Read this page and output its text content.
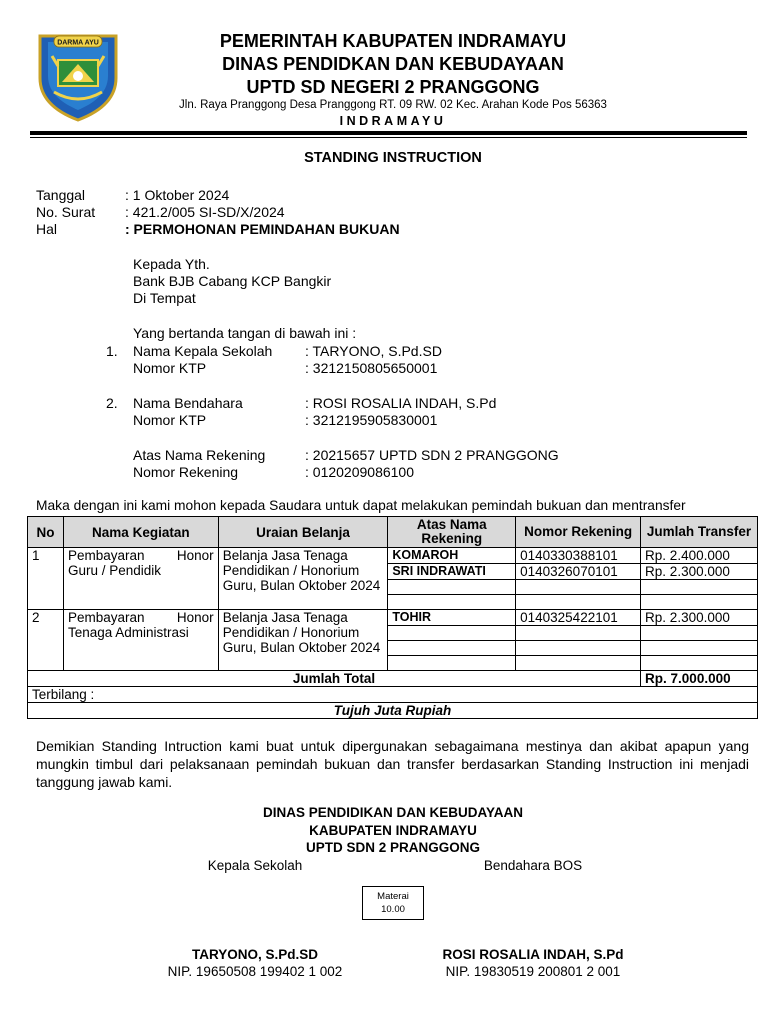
DARMA AYU	PEMERINTAH KABUPATEN INDRAMAYU
DINAS PENDIDKAN DAN KEBUDAYAAN
UPTD SD NEGERI 2 PRANGGONG
Jln. Raya Pranggong Desa Pranggong RT. 09 RW. 02 Kec. Arahan Kode Pos 56363
INDRAMAYU
STANDING INSTRUCTION
Tanggal	: 1 Oktober 2024
No. Surat : 421.2/005 SI-SD/X/2024
Hal	: PERMOHONAN PEMINDAHAN BUKUAN
Kepada Yth.
Bank BJB Cabang KCP Bangkir
Di Tempat
Yang bertanda tangan di bawah ini :
1. Nama Kepala Sekolah : TARYONO, S.Pd.SD
Nomor KTP	: 3212150805650001
2. Nama Bendahara	: ROSI ROSALIA INDAH, S.Pd
Nomor KTP	: 3212195905830001
Atas Nama Rekening	: 20215657 UPTD SDN 2 PRANGGONG
Nomor Rekening	: 0120209086100
Maka dengan ini kami mohon kepada Saudara untuk dapat melakukan pemindah bukuan dan mentransfer
No	Nama Kegiatan	Uraian Belanja	Atas Nama Rekening	Nomor Rekening	Jumlah Transfer
1	Pembayaran Honor Guru / Pendidik	Belanja Jasa Tenaga Pendidikan / Honorium Guru, Bulan Oktober 2024	KOMAROH	0140330388101	Rp. 2.400.000
			SRI INDRAWATI	0140326070101	Rp. 2.300.000

2	Pembayaran Honor Tenaga Administrasi	Belanja Jasa Tenaga Pendidikan / Honorium Guru, Bulan Oktober 2024	TOHIR	0140325422101	Rp. 2.300.000

Jumlah Total					Rp. 7.000.000
Terbilang :					
Tujuh Juta Rupiah					
Demikian Standing Intruction kami buat untuk dipergunakan sebagaimana mestinya dan akibat apapun yang mungkin timbul dari pelaksanaan pemindah bukuan dan transfer berdasarkan Standing Instruction ini menjadi tanggung jawab kami.
DINAS PENDIDIKAN DAN KEBUDAYAAN
KABUPATEN INDRAMAYU
UPTD SDN 2 PRANGGONG
Kepala Sekolah	Bendahara BOS
Materai
10.00
TARYONO, S.Pd.SD
NIP. 19650508 199402 1 002
ROSI ROSALIA INDAH, S.Pd
NIP. 19830519 200801 2 001
